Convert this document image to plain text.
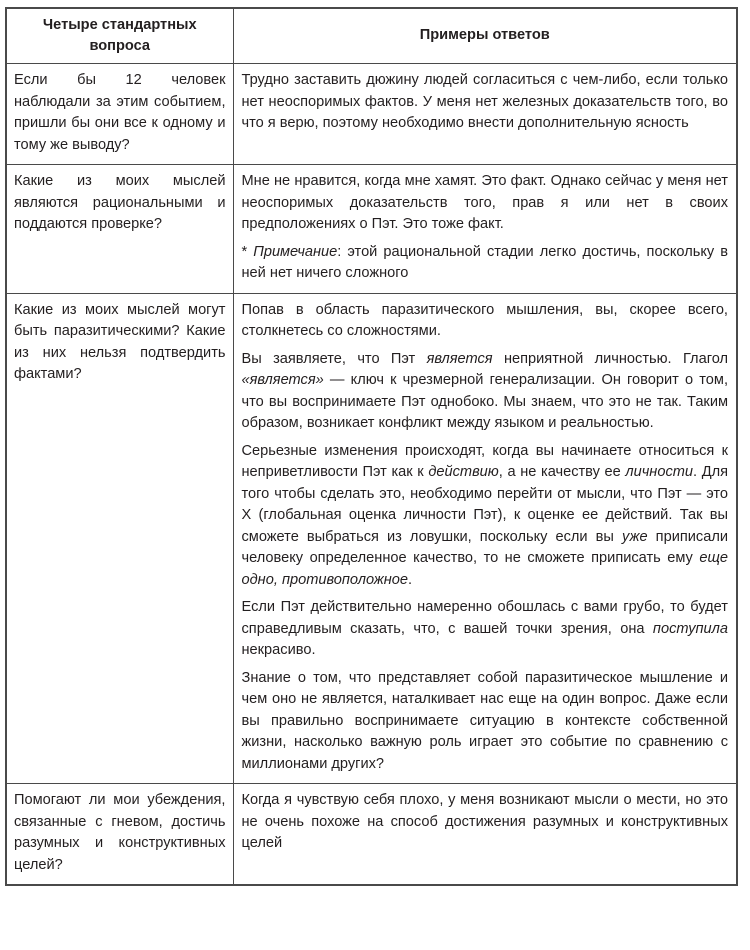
Четыре стандартных вопроса	Примеры ответов
Если бы 12 человек наблюдали за этим событием, пришли бы они все к одному и тому же выводу?	Трудно заставить дюжину людей согласиться с чем-либо, если только нет неоспоримых фактов. У меня нет железных доказательств того, во что я верю, поэтому необходимо внести дополнительную ясность

Какие из моих мыслей являются рациональными и поддаются проверке?	Мне не нравится, когда мне хамят. Это факт. Однако сейчас у меня нет неоспоримых доказательств того, прав я или нет в своих предположениях о Пэт. Это тоже факт.

* Примечание: этой рациональной стадии легко достичь, поскольку в ней нет ничего сложного

Какие из моих мыслей могут быть паразитическими? Какие из них нельзя подтвердить фактами?	Попав в область паразитического мышления, вы, скорее всего, столкнетесь со сложностями.

Вы заявляете, что Пэт является неприятной личностью. Глагол «является» — ключ к чрезмерной генерализации. Он говорит о том, что вы воспринимаете Пэт однобоко. Мы знаем, что это не так. Таким образом, возникает конфликт между языком и реальностью.

Серьезные изменения происходят, когда вы начинаете относиться к неприветливости Пэт как к действию, а не качеству ее личности. Для того чтобы сделать это, необходимо перейти от мысли, что Пэт — это X (глобальная оценка личности Пэт), к оценке ее действий. Так вы сможете выбраться из ловушки, поскольку если вы уже приписали человеку определенное качество, то не сможете приписать ему еще одно, противоположное.

Если Пэт действительно намеренно обошлась с вами грубо, то будет справедливым сказать, что, с вашей точки зрения, она поступила некрасиво.

Знание о том, что представляет собой паразитическое мышление и чем оно не является, наталкивает нас еще на один вопрос. Даже если вы правильно воспринимаете ситуацию в контексте собственной жизни, насколько важную роль играет это событие по сравнению с миллионами других?

Помогают ли мои убеждения, связанные с гневом, достичь разумных и конструктивных целей?	Когда я чувствую себя плохо, у меня возникают мысли о мести, но это не очень похоже на способ достижения разумных и конструктивных целей
